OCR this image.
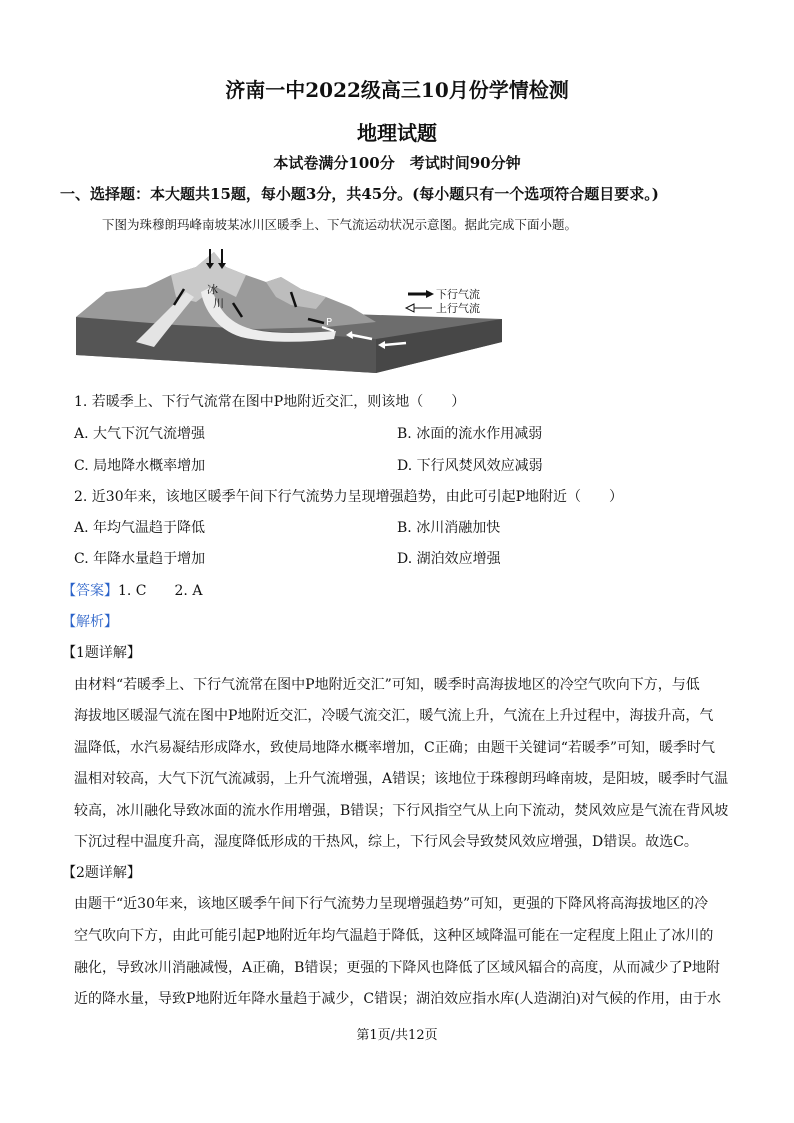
济南一中2022级高三10月份学情检测
地理试题
本试卷满分100分　考试时间90分钟
一、选择题：本大题共15题，每小题3分，共45分。(每小题只有一个选项符合题目要求。)
下图为珠穆朗玛峰南坡某冰川区暖季上、下气流运动状况示意图。据此完成下面小题。
冰
川
P
下行气流
上行气流
1. 若暖季上、下行气流常在图中P地附近交汇，则该地（　　）
A. 大气下沉气流增强	B. 冰面的流水作用减弱
C. 局地降水概率增加	D. 下行风焚风效应减弱
2. 近30年来，该地区暖季午间下行气流势力呈现增强趋势，由此可引起P地附近（　　）
A. 年均气温趋于降低	B. 冰川消融加快
C. 年降水量趋于增加	D. 湖泊效应增强
【答案】1. C　　2. A
【解析】
【1题详解】
由材料“若暖季上、下行气流常在图中P地附近交汇”可知，暖季时高海拔地区的冷空气吹向下方，与低
海拔地区暖湿气流在图中P地附近交汇，冷暖气流交汇，暖气流上升，气流在上升过程中，海拔升高，气
温降低，水汽易凝结形成降水，致使局地降水概率增加，C正确；由题干关键词“若暖季”可知，暖季时气
温相对较高，大气下沉气流减弱，上升气流增强，A错误；该地位于珠穆朗玛峰南坡，是阳坡，暖季时气温
较高，冰川融化导致冰面的流水作用增强，B错误；下行风指空气从上向下流动，焚风效应是气流在背风坡
下沉过程中温度升高，湿度降低形成的干热风，综上，下行风会导致焚风效应增强，D错误。故选C。
【2题详解】
由题干“近30年来，该地区暖季午间下行气流势力呈现增强趋势”可知，更强的下降风将高海拔地区的冷
空气吹向下方，由此可能引起P地附近年均气温趋于降低，这种区域降温可能在一定程度上阻止了冰川的
融化，导致冰川消融减慢，A正确，B错误；更强的下降风也降低了区域风辐合的高度，从而减少了P地附
近的降水量，导致P地附近年降水量趋于减少，C错误；湖泊效应指水库(人造湖泊)对气候的作用，由于水
第1页/共12页
